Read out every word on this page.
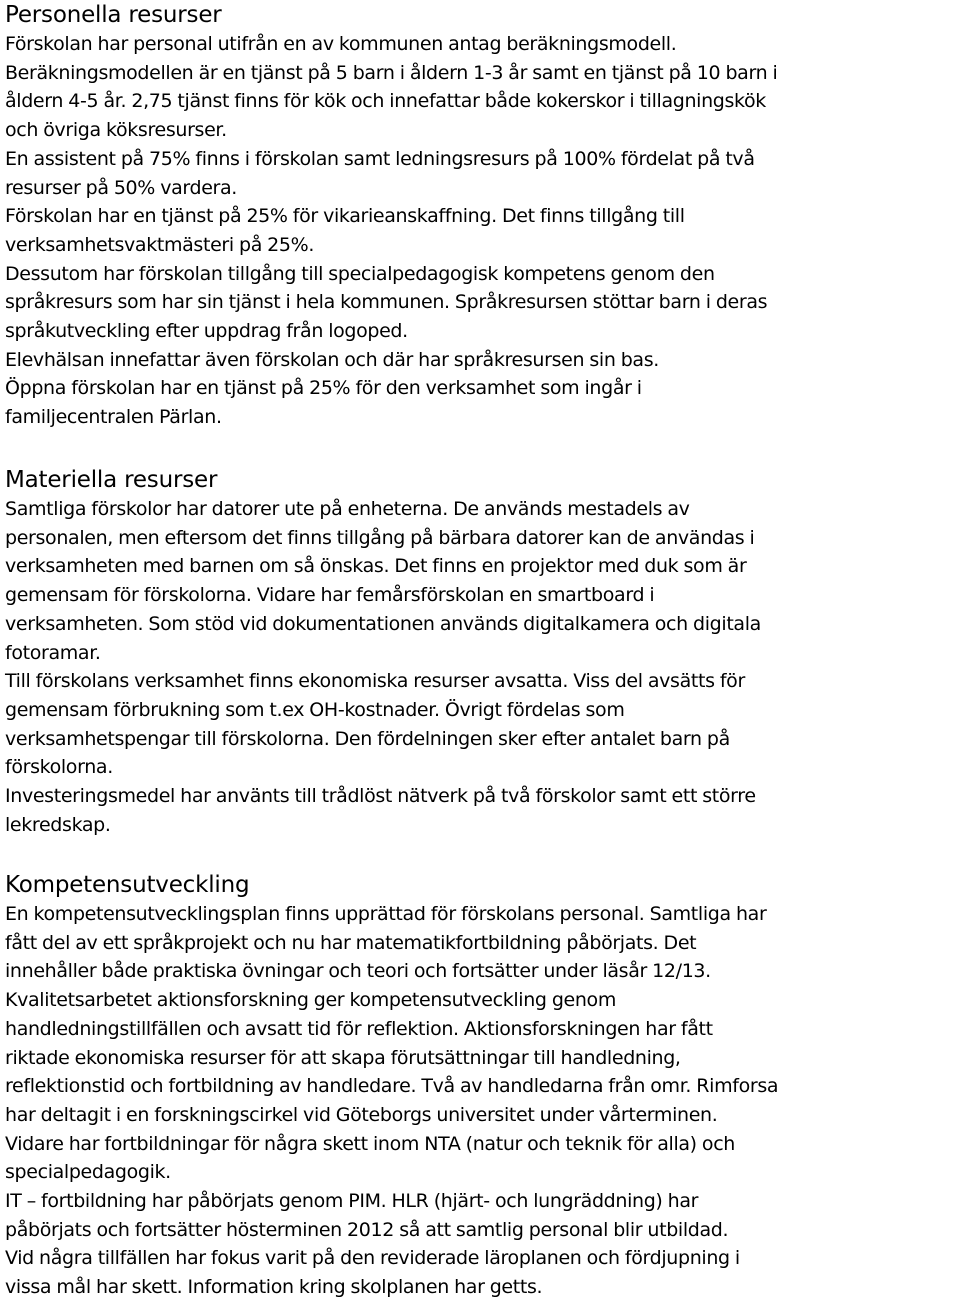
Personella resurser
Förskolan har personal utifrån en av kommunen antag beräkningsmodell.
Beräkningsmodellen är en tjänst på 5 barn i åldern 1-3 år samt en tjänst på 10 barn i
åldern 4-5 år. 2,75 tjänst finns för kök och innefattar både kokerskor i tillagningskök
och övriga köksresurser.
En assistent på 75% finns i förskolan samt ledningsresurs på 100% fördelat på två
resurser på 50% vardera.
Förskolan har en tjänst på 25% för vikarieanskaffning. Det finns tillgång till
verksamhetsvaktmästeri på 25%.
Dessutom har förskolan tillgång till specialpedagogisk kompetens genom den
språkresurs som har sin tjänst i hela kommunen. Språkresursen stöttar barn i deras
språkutveckling efter uppdrag från logoped.
Elevhälsan innefattar även förskolan och där har språkresursen sin bas.
Öppna förskolan har en tjänst på 25% för den verksamhet som ingår i
familjecentralen Pärlan.
Materiella resurser
Samtliga förskolor har datorer ute på enheterna. De används mestadels av
personalen, men eftersom det finns tillgång på bärbara datorer kan de användas i
verksamheten med barnen om så önskas. Det finns en projektor med duk som är
gemensam för förskolorna. Vidare har femårsförskolan en smartboard i
verksamheten. Som stöd vid dokumentationen används digitalkamera och digitala
fotoramar.
Till förskolans verksamhet finns ekonomiska resurser avsatta. Viss del avsätts för
gemensam förbrukning som t.ex OH-kostnader. Övrigt fördelas som
verksamhetspengar till förskolorna. Den fördelningen sker efter antalet barn på
förskolorna.
Investeringsmedel har använts till trådlöst nätverk på två förskolor samt ett större
lekredskap.
Kompetensutveckling
En kompetensutvecklingsplan finns upprättad för förskolans personal. Samtliga har
fått del av ett språkprojekt och nu har matematikfortbildning påbörjats. Det
innehåller både praktiska övningar och teori och fortsätter under läsår 12/13.
Kvalitetsarbetet aktionsforskning ger kompetensutveckling genom
handledningstillfällen och avsatt tid för reflektion. Aktionsforskningen har fått
riktade ekonomiska resurser för att skapa förutsättningar till handledning,
reflektionstid och fortbildning av handledare. Två av handledarna från omr. Rimforsa
har deltagit i en forskningscirkel vid Göteborgs universitet under vårterminen.
Vidare har fortbildningar för några skett inom NTA (natur och teknik för alla) och
specialpedagogik.
IT – fortbildning har påbörjats genom PIM. HLR (hjärt- och lungräddning) har
påbörjats och fortsätter hösterminen 2012 så att samtlig personal blir utbildad.
Vid några tillfällen har fokus varit på den reviderade läroplanen och fördjupning i
vissa mål har skett. Information kring skolplanen har getts.
